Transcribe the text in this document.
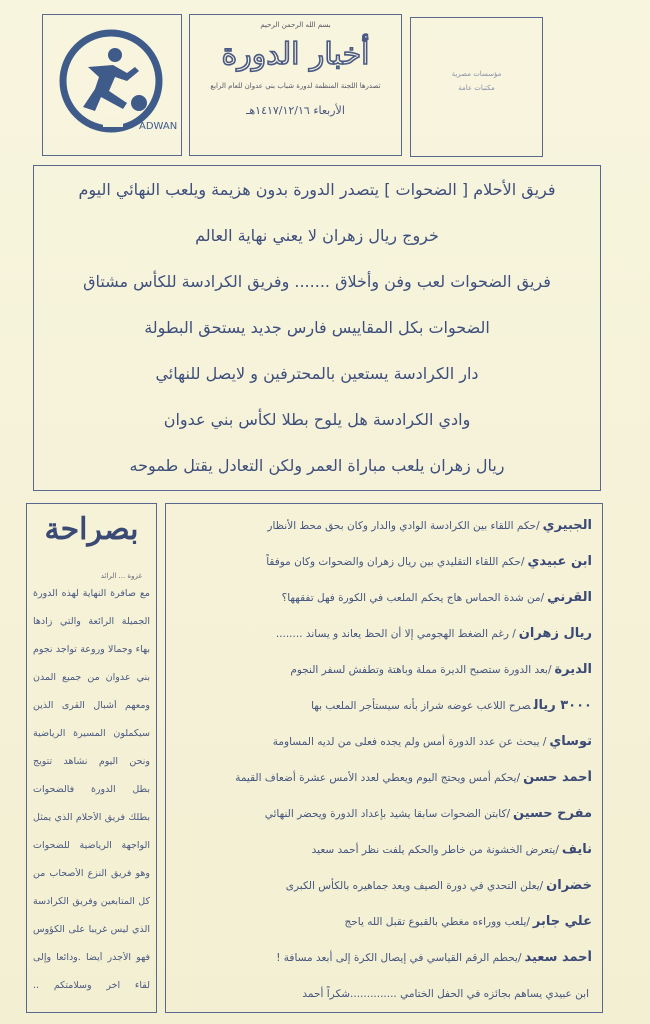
ADWAN
بسم الله الرحمن الرحيم
أخبار الدورة
تصدرها اللجنة المنظمة لدورة شباب بني عدوان للعام الرابع
الأربعاء ١٤١٧/١٢/١٦هـ
مؤسسات مصرية
مكتبات عامة
فريق الأحلام [ الضحوات ] يتصدر الدورة بدون هزيمة ويلعب النهائي اليوم
خروج ريال زهران لا يعني نهاية العالم
فريق الضحوات لعب وفن وأخلاق ....... وفريق الكرادسة للكأس مشتاق
الضحوات بكل المقاييس فارس جديد يستحق البطولة
دار الكرادسة يستعين بالمحترفين و لايصل للنهائي
وادي الكرادسة هل يلوح بطلا لكأس بني عدوان
ريال زهران يلعب مباراة العمر ولكن التعادل يقتل طموحه
الجبيري/حكم اللقاء بين الكرادسة الوادي والدار وكان بحق محط الأنظار
ابن عبيدي/حكم اللقاء التقليدي بين ريال زهران والضحوات وكان موفقاً
القرني/من شدة الحماس هاج يحكم الملعب في الكورة فهل تفقهها؟
ريال زهران/ رغم الضغط الهجومي إلا أن الحظ يعاند و يساند ........
الديرة/بعد الدورة ستصبح الديرة مملة وباهتة وتطفش لسفر النجوم
٣٠٠٠ ريالصرح اللاعب عوضه شراز بأنه سيستأجر الملعب بها
توساي/ يبحث عن عدد الدورة أمس ولم يجده فعلى من لديه المساومة
أحمد حسن/يحكم أمس ويحتج اليوم ويعطي لعدد الأمس عشرة أضعاف القيمة
مفرح حسين/كابتن الضحوات سابقا يشيد بإعداد الدورة ويحضر النهائي
نايف/يتعرض الخشونة من خاطر والحكم يلفت نظر أحمد سعيد
خضران/يعلن التحدي في دورة الصيف ويعد جماهيره بالكأس الكبرى
علي جابر/يلعب ووراءه مغطي بالقبوع تقبل الله ياحج
أحمد سعيد/يحطم الرقم القياسي في إيصال الكرة إلى أبعد مسافة !
ابن عبيدي يساهم بجائزه في الحفل الختامي ..............شكراً أحمد
بصراحة
غزوة ... الرائد
مع صافرة النهاية لهذه الدورة
الجميلة الرائعة والتي زادها
بهاء وجمالا وروعة تواجد نجوم
بني عدوان من جميع المدن
ومعهم أشبال القرى الذين
سيكملون المسيرة الرياضية
ونحن اليوم نشاهد تتويج
بطل الدورة فالضحوات
بطلك فريق الأحلام الذي يمثل
الواجهة الرياضية للضحوات
وهو فريق النزع الأصحاب من
كل المتابعين وفريق الكرادسة
الذي ليس غريبا على الكؤوس
فهو الأجدر أيضا .ودائعا وإلى
لقاء آخر وسلامتكم ..
